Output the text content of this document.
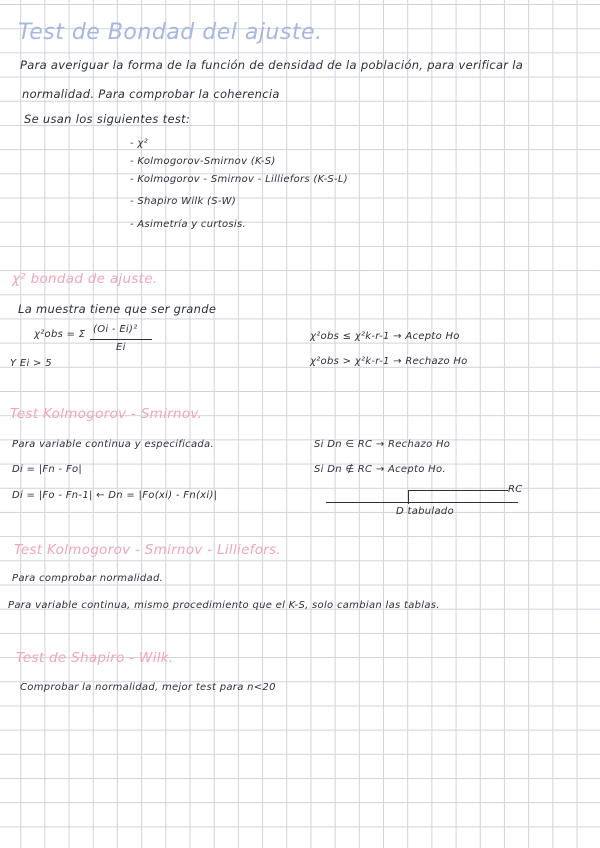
Test de Bondad del ajuste.
Para averiguar la forma de la función de densidad de la población, para verificar la
normalidad. Para comprobar la coherencia
Se usan los siguientes test:
- χ²
- Kolmogorov-Smirnov (K-S)
- Kolmogorov - Smirnov - Lilliefors (K-S-L)
- Shapiro Wilk (S-W)
- Asimetría y curtosis.
χ² bondad de ajuste.
La muestra tiene que ser grande
χ²obs = Σ (Oi - Ei)²
Ei
Y Ei > 5
χ²obs ≤ χ²k-r-1 → Acepto Ho
χ²obs > χ²k-r-1 → Rechazo Ho
Test Kolmogorov - Smirnov.
Para variable continua y especificada.
Di = |Fn - Fo|
Di = |Fo - Fn-1| ← Dn = |Fo(xi) - Fn(xi)|
Si Dn ∈ RC → Rechazo Ho
Si Dn ∉ RC → Acepto Ho.
RC
D tabulado
Test Kolmogorov - Smirnov - Lilliefors.
Para comprobar normalidad.
Para variable continua, mismo procedimiento que el K-S, solo cambian las tablas.
Test de Shapiro - Wilk.
Comprobar la normalidad, mejor test para n<20
